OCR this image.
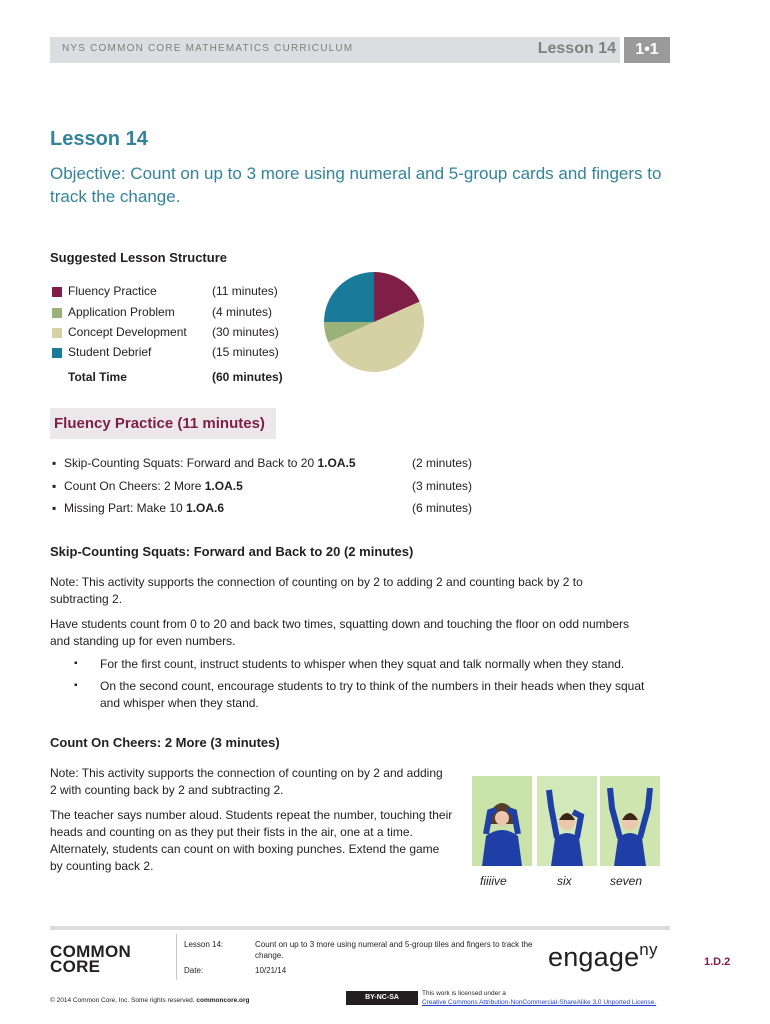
NYS COMMON CORE MATHEMATICS CURRICULUM	Lesson 14	1•1
Lesson 14
Objective: Count on up to 3 more using numeral and 5-group cards and fingers to track the change.
Suggested Lesson Structure
Fluency Practice	(11 minutes)
Application Problem	(4 minutes)
Concept Development (30 minutes)
Student Debrief	(15 minutes)
Total Time	(60 minutes)
Fluency Practice (11 minutes)
▪ Skip-Counting Squats: Forward and Back to 20 1.OA.5	(2 minutes)
▪ Count On Cheers: 2 More 1.OA.5	(3 minutes)
▪ Missing Part: Make 10 1.OA.6	(6 minutes)
Skip-Counting Squats: Forward and Back to 20 (2 minutes)
Note: This activity supports the connection of counting on by 2 to adding 2 and counting back by 2 to subtracting 2.
Have students count from 0 to 20 and back two times, squatting down and touching the floor on odd numbers and standing up for even numbers.
▪ For the first count, instruct students to whisper when they squat and talk normally when they stand.
▪ On the second count, encourage students to try to think of the numbers in their heads when they squat and whisper when they stand.
Count On Cheers: 2 More (3 minutes)
Note: This activity supports the connection of counting on by 2 and adding 2 with counting back by 2 and subtracting 2.
The teacher says number aloud. Students repeat the number, touching their heads and counting on as they put their fists in the air, one at a time. Alternately, students can count on with boxing punches. Extend the game by counting back 2.
fiiiive	six	seven
COMMON
CORE
Lesson 14:	Count on up to 3 more using numeral and 5-group tiles and fingers to track the change.
Date:	10/21/14	engage$^{ny}$
1.D.2
© 2014 Common Core, Inc. Some rights reserved. commoncore.org	BY-NC-SA
This work is licensed under a
Creative Commons Attribution-NonCommercial-ShareAlike 3.0 Unported License.
